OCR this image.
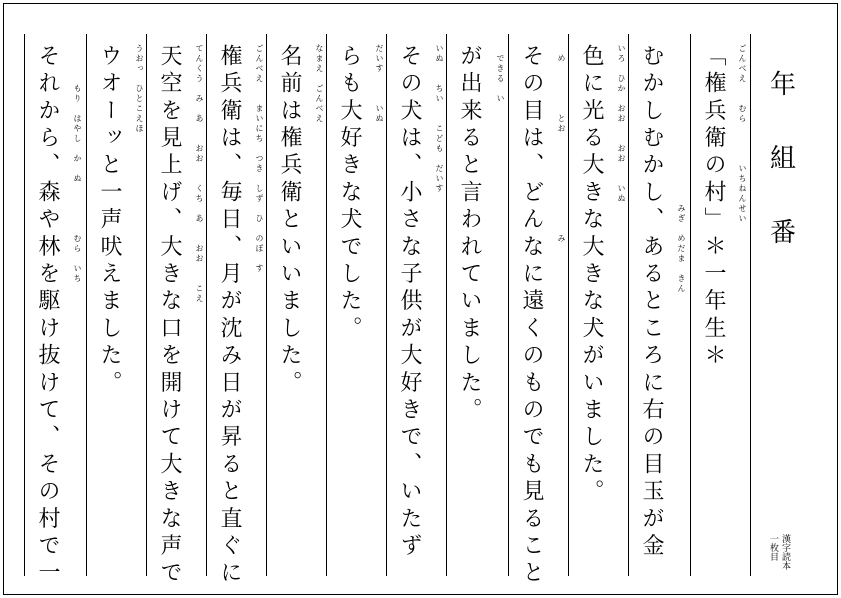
年
組
番
漢字読本
一枚目
「権兵衛の村」＊一年生＊
むかしむかし、あるところに右の目玉が金
色に光る大きな大きな犬がいました。
その目は、どんなに遠くのものでも見ること
が出来ると言われていました。
その犬は、小さな子供が大好きで、いたず
らも大好きな犬でした。
名前は権兵衛といいました。
権兵衛は、毎日、月が沈み日が昇ると直ぐに
天空を見上げ、大きな口を開けて大きな声で
ウオーッと一声吠えました。
それから、森や林を駆け抜けて、その村で一	ごんべえ　　むら　　　　いちねんせい
　　　　　　　　　　　　　　　　みぎ　めだま　きん
いろ　ひか　おお　　おお　　いぬ
　め　　　　　とお　　　　　　　　　　み
　できる　い
いぬ　　ちい　　こども　だいす
だいす　　　いぬ
なまえ　ごんべえ
ごんべえ　　まいにち　つき　しず　ひ　のぼ　す
てんくう　み　あ　　おお　　くち　あ　　おお　　こえ
うおっ　ひとこえほ
　　　　もり　はやし　か　ぬ　　　　　むら　いち
